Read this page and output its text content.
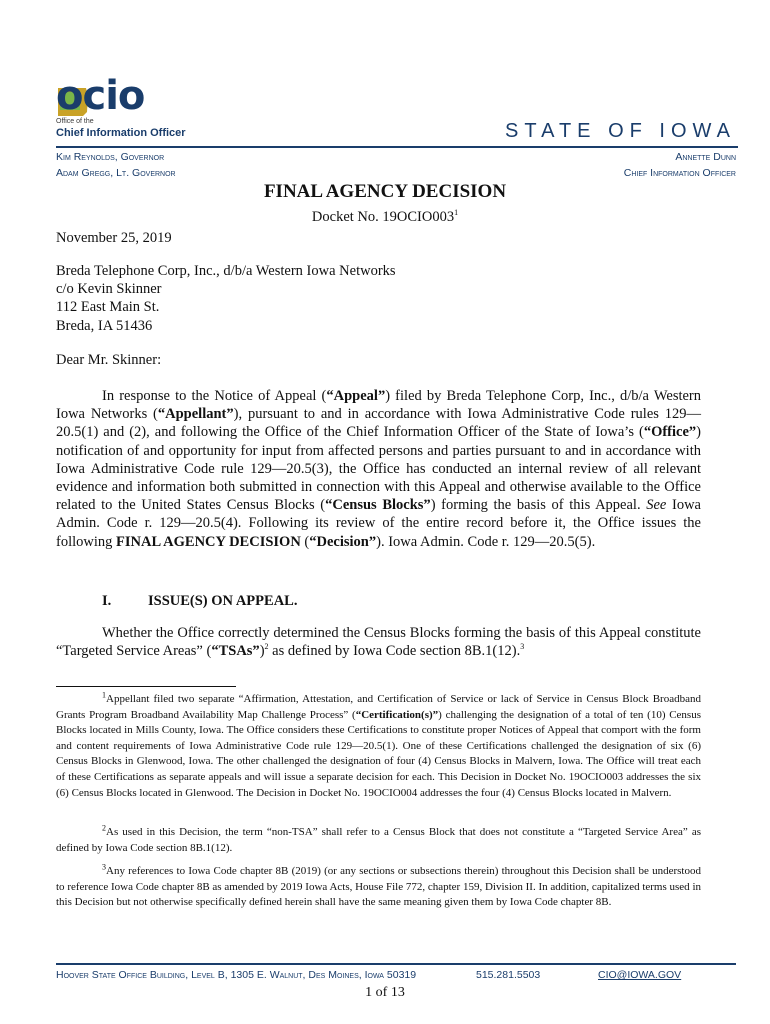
ocio
Office of the
Chief Information Officer	STATE OF IOWA
Kim Reynolds, Governor
Adam Gregg, Lt. Governor
Annette Dunn
Chief Information Officer
FINAL AGENCY DECISION
Docket No. $19OCIO003^1$
November 25, 2019
Breda Telephone Corp, Inc., d/b/a Western Iowa Networks
c/o Kevin Skinner
112 East Main St.
Breda, IA 51436
Dear Mr. Skinner:
In response to the Notice of Appeal (“Appeal”) filed by Breda Telephone Corp, Inc., d/b/a Western Iowa Networks (“Appellant”), pursuant to and in accordance with Iowa Administrative Code rules 129—20.5(1) and (2), and following the Office of the Chief Information Officer of the State of Iowa’s (“Office”) notification of and opportunity for input from affected persons and parties pursuant to and in accordance with Iowa Administrative Code rule 129—20.5(3), the Office has conducted an internal review of all relevant evidence and information both submitted in connection with this Appeal and otherwise available to the Office related to the United States Census Blocks (“Census Blocks”) forming the basis of this Appeal. See Iowa Admin. Code r. 129—20.5(4). Following its review of the entire record before it, the Office issues the following FINAL AGENCY DECISION (“Decision”). Iowa Admin. Code r. 129—20.5(5).
I.	ISSUE(S) ON APPEAL.
Whether the Office correctly determined the Census Blocks forming the basis of this Appeal constitute “Targeted Service Areas” (“TSAs”)$^2$ as defined by Iowa Code section 8B.1(12).$^3$
$^1$Appellant filed two separate “Affirmation, Attestation, and Certification of Service or lack of Service in Census Block Broadband Grants Program Broadband Availability Map Challenge Process” (“Certification(s)”) challenging the designation of a total of ten (10) Census Blocks located in Mills County, Iowa. The Office considers these Certifications to constitute proper Notices of Appeal that comport with the form and content requirements of Iowa Administrative Code rule 129—20.5(1). One of these Certifications challenged the designation of six (6) Census Blocks in Glenwood, Iowa. The other challenged the designation of four (4) Census Blocks in Malvern, Iowa. The Office will treat each of these Certifications as separate appeals and will issue a separate decision for each. This Decision in Docket No. 19OCIO003 addresses the six (6) Census Blocks located in Glenwood. The Decision in Docket No. 19OCIO004 addresses the four (4) Census Blocks located in Malvern.
$^2$As used in this Decision, the term “non-TSA” shall refer to a Census Block that does not constitute a “Targeted Service Area” as defined by Iowa Code section 8B.1(12).
$^3$Any references to Iowa Code chapter 8B (2019) (or any sections or subsections therein) throughout this Decision shall be understood to reference Iowa Code chapter 8B as amended by 2019 Iowa Acts, House File 772, chapter 159, Division II. In addition, capitalized terms used in this Decision but not otherwise specifically defined herein shall have the same meaning given them by Iowa Code chapter 8B.
Hoover State Office Building, Level B, 1305 E. Walnut, Des Moines, Iowa 50319	515.281.5503	CIO@IOWA.GOV
1 of 13
